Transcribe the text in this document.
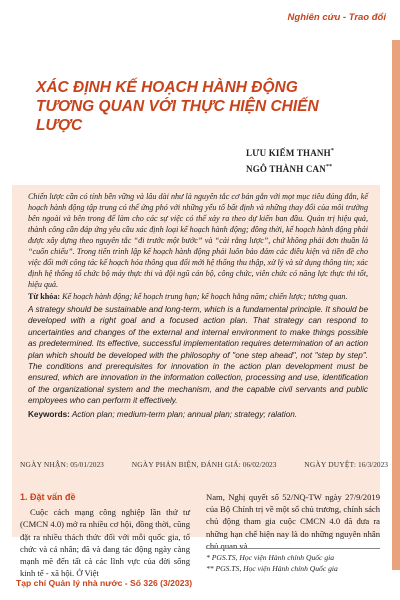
Nghiên cứu - Trao đổi
XÁC ĐỊNH KẾ HOẠCH HÀNH ĐỘNG
TƯƠNG QUAN VỚI THỰC HIỆN CHIẾN LƯỢC
LƯU KIẾM THANH*
NGÔ THÀNH CAN**

Chiến lược cần có tính bền vững và lâu dài như là nguyên tắc cơ bản gắn với mọt mục tiêu đúng đắn, kế hoạch hành động tập trung có thể ứng phó với những yếu tố bất định và những thay đổi của môi trường bên ngoài và bên trong để làm cho các sự việc có thể xảy ra theo dự kiến ban đầu. Quản trị hiệu quả, thành công cần đáp ứng yêu cầu xác định loại kế hoạch hành động; đồng thời, kế hoạch hành động phải được xây dựng theo nguyên tắc “đi trước một bước” và “cải rằng lược”, chứ không phải đơn thuần là “cuốn chiếu”. Trong tiến trình lập kế hoạch hành động phải luôn bảo đảm các điều kiện và tiền đề cho việc đổi mới công tác kế hoạch hóa thông qua đổi mới hệ thống thu thập, xử lý và sử dụng thông tin; xác định hệ thống tổ chức bộ máy thực thi và đội ngũ cán bộ, công chức, viên chức có năng lực thực thi tốt, hiệu quả.

Từ khóa: Kế hoạch hành động; kế hoạch trung hạn; kế hoạch hằng năm; chiến lược; tương quan.

A strategy should be sustainable and long-term, which is a fundamental principle. It should be developed with a right goal and a focused action plan. That strategy can respond to uncertainties and changes of the external and internal environment to make things possible as predetermined. Its effective, successful implementation requires determination of an action plan which should be developed with the philosophy of "one step ahead", not "step by step". The conditions and prerequisites for innovation in the action plan development must be ensured, which are innovation in the information collection, processing and use, identification of the organizational system and the mechanism, and the capable civil servants and public employees who can perform it effectively.

Keywords: Action plan; medium-term plan; annual plan; strategy; ralation.

NGÀY NHẬN: 05/01/2023	NGÀY PHẢN BIỆN, ĐÁNH GIÁ: 06/02/2023	NGÀY DUYỆT: 16/3/2023
1. Đặt vấn đề

Cuộc cách mạng công nghiệp lần thứ tư (CMCN 4.0) mở ra nhiều cơ hội, đồng thời, cũng đặt ra nhiều thách thức đối với mỗi quốc gia, tổ chức và cá nhân; đã và đang tác động ngày càng mạnh mẽ đến tất cả các lĩnh vực của đời sống kinh tế - xã hội. Ở Việt

Nam, Nghị quyết số 52/NQ-TW ngày 27/9/2019 của Bộ Chính trị về một số chủ trương, chính sách chủ động tham gia cuộc CMCN 4.0 đã đưa ra những hạn chế hiện nay là do những nguyên nhân chủ quan và

* PGS.TS, Học viện Hành chính Quốc gia
** PGS.TS, Học viện Hành chính Quốc gia
Tạp chí Quản lý nhà nước - Số 326 (3/2023)
